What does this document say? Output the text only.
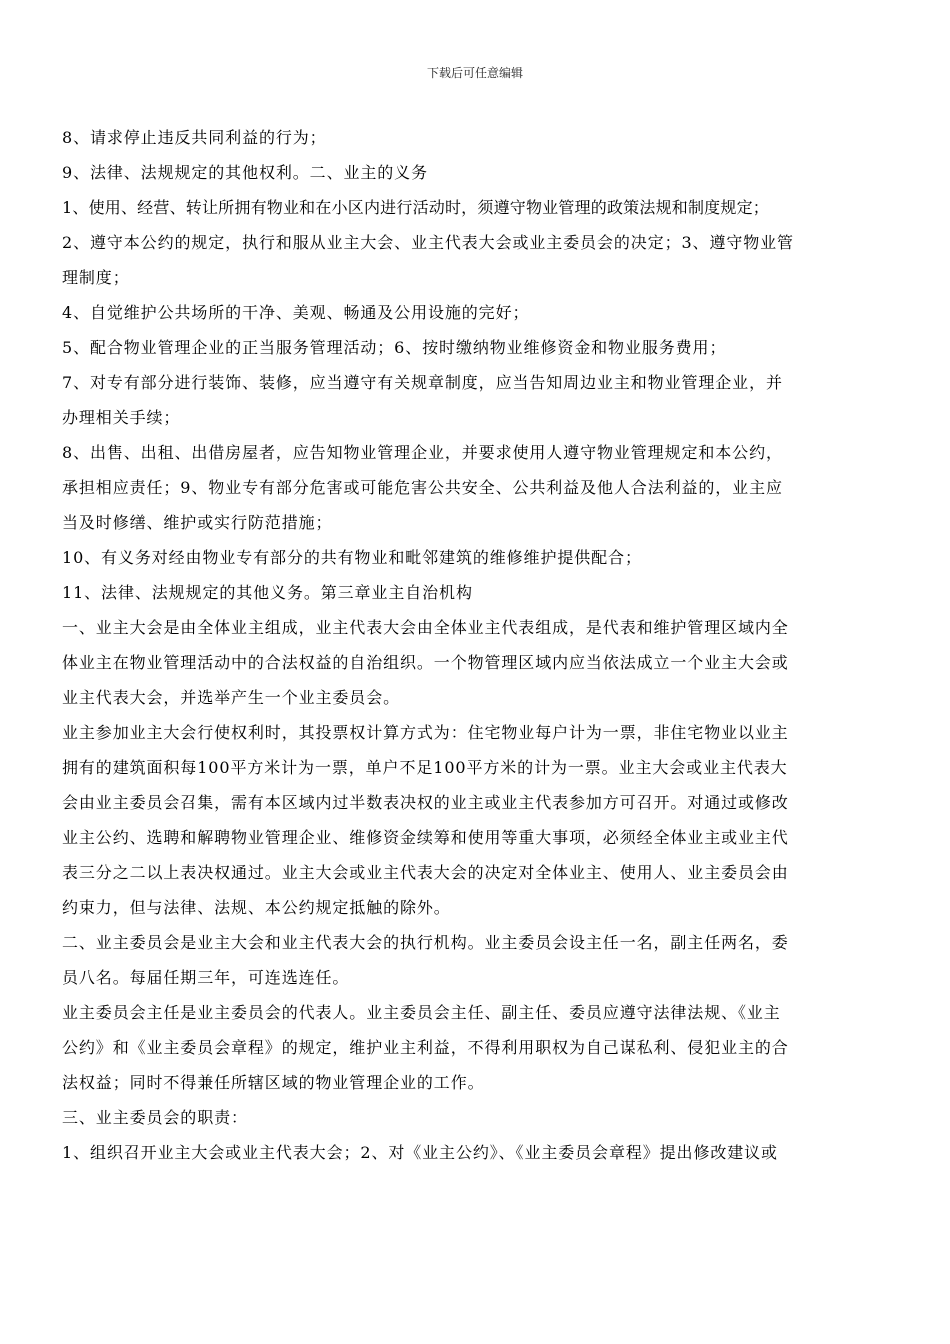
下载后可任意编辑
8、请求停止违反共同利益的行为；
9、法律、法规规定的其他权利。二、业主的义务
1、使用、经营、转让所拥有物业和在小区内进行活动时，须遵守物业管理的政策法规和制度规定；
2、遵守本公约的规定，执行和服从业主大会、业主代表大会或业主委员会的决定；3、遵守物业管
理制度；
4、自觉维护公共场所的干净、美观、畅通及公用设施的完好；
5、配合物业管理企业的正当服务管理活动；6、按时缴纳物业维修资金和物业服务费用；
7、对专有部分进行装饰、装修，应当遵守有关规章制度，应当告知周边业主和物业管理企业，并
办理相关手续；
8、出售、出租、出借房屋者，应告知物业管理企业，并要求使用人遵守物业管理规定和本公约，
承担相应责任；9、物业专有部分危害或可能危害公共安全、公共利益及他人合法利益的，业主应
当及时修缮、维护或实行防范措施；
10、有义务对经由物业专有部分的共有物业和毗邻建筑的维修维护提供配合；
11、法律、法规规定的其他义务。第三章业主自治机构
一、业主大会是由全体业主组成，业主代表大会由全体业主代表组成，是代表和维护管理区域内全
体业主在物业管理活动中的合法权益的自治组织。一个物管理区域内应当依法成立一个业主大会或
业主代表大会，并选举产生一个业主委员会。
业主参加业主大会行使权利时，其投票权计算方式为：住宅物业每户计为一票，非住宅物业以业主
拥有的建筑面积每100平方米计为一票，单户不足100平方米的计为一票。业主大会或业主代表大
会由业主委员会召集，需有本区域内过半数表决权的业主或业主代表参加方可召开。对通过或修改
业主公约、选聘和解聘物业管理企业、维修资金续筹和使用等重大事项，必须经全体业主或业主代
表三分之二以上表决权通过。业主大会或业主代表大会的决定对全体业主、使用人、业主委员会由
约束力，但与法律、法规、本公约规定抵触的除外。
二、业主委员会是业主大会和业主代表大会的执行机构。业主委员会设主任一名，副主任两名，委
员八名。每届任期三年，可连选连任。
业主委员会主任是业主委员会的代表人。业主委员会主任、副主任、委员应遵守法律法规、《业主
公约》和《业主委员会章程》的规定，维护业主利益，不得利用职权为自己谋私利、侵犯业主的合
法权益；同时不得兼任所辖区域的物业管理企业的工作。
三、业主委员会的职责：
1、组织召开业主大会或业主代表大会；2、对《业主公约》、《业主委员会章程》提出修改建议或
